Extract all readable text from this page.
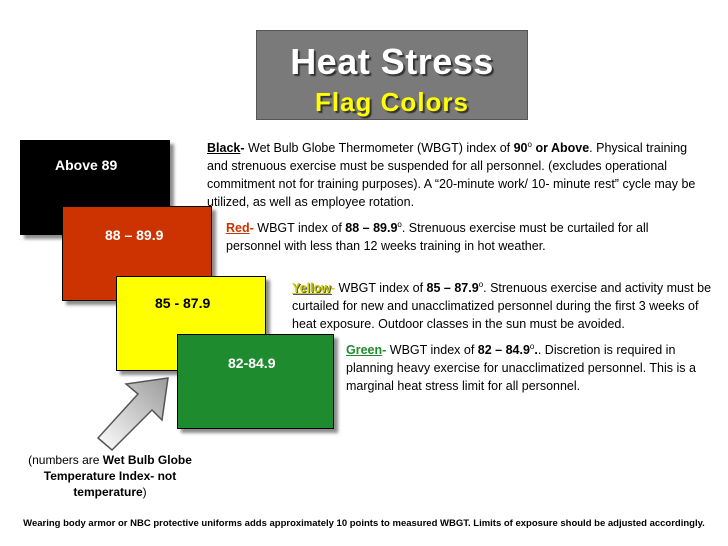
Heat Stress
Flag Colors
Above 89
88 – 89.9
85 - 87.9
82-84.9
Black- Wet Bulb Globe Thermometer (WBGT) index of 90$^o$ or Above. Physical training and strenuous exercise must be suspended for all personnel. (excludes operational commitment not for training purposes). A “20-minute work/ 10- minute rest” cycle may be utilized, as well as employee rotation.
Red- WBGT index of 88 – 89.9$^o$. Strenuous exercise must be curtailed for all personnel with less than 12 weeks training in hot weather.
Yellow- WBGT index of 85 – 87.9$^o$. Strenuous exercise and activity must be curtailed for new and unacclimatized personnel during the first 3 weeks of heat exposure. Outdoor classes in the sun must be avoided.
Green- WBGT index of 82 – 84.9$^o$.. Discretion is required in planning heavy exercise for unacclimatized personnel. This is a marginal heat stress limit for all personnel.
(numbers are Wet Bulb Globe Temperature Index- not temperature)
Wearing body armor or NBC protective uniforms adds approximately 10 points to measured WBGT. Limits of exposure should be adjusted accordingly.
